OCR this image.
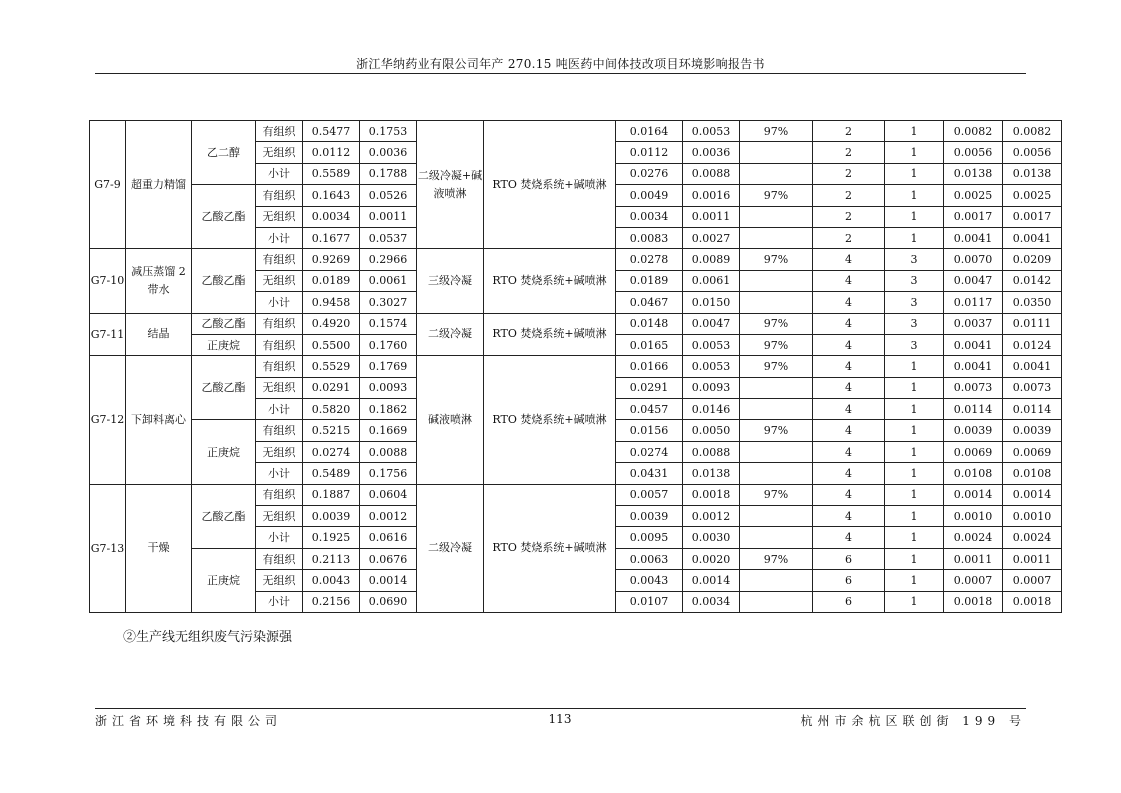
浙江华纳药业有限公司年产 270.15 吨医药中间体技改项目环境影响报告书
G7-9	超重力精馏	乙二醇	有组织	0.5477	0.1753	二级冷凝+碱液喷淋	RTO 焚烧系统+碱喷淋	0.0164	0.0053	97%	2	1	0.0082	0.0082
			无组织	0.0112	0.0036			0.0112	0.0036		2	1	0.0056	0.0056
			小计	0.5589	0.1788			0.0276	0.0088		2	1	0.0138	0.0138
		乙酸乙酯	有组织	0.1643	0.0526			0.0049	0.0016	97%	2	1	0.0025	0.0025
			无组织	0.0034	0.0011			0.0034	0.0011		2	1	0.0017	0.0017
			小计	0.1677	0.0537			0.0083	0.0027		2	1	0.0041	0.0041
G7-10	减压蒸馏 2 带水	乙酸乙酯	有组织	0.9269	0.2966	三级冷凝	RTO 焚烧系统+碱喷淋	0.0278	0.0089	97%	4	3	0.0070	0.0209
			无组织	0.0189	0.0061			0.0189	0.0061		4	3	0.0047	0.0142
			小计	0.9458	0.3027			0.0467	0.0150		4	3	0.0117	0.0350
G7-11	结晶	乙酸乙酯	有组织	0.4920	0.1574	二级冷凝	RTO 焚烧系统+碱喷淋	0.0148	0.0047	97%	4	3	0.0037	0.0111
		正庚烷	有组织	0.5500	0.1760			0.0165	0.0053	97%	4	3	0.0041	0.0124
G7-12	下卸料离心	乙酸乙酯	有组织	0.5529	0.1769	碱液喷淋	RTO 焚烧系统+碱喷淋	0.0166	0.0053	97%	4	1	0.0041	0.0041
			无组织	0.0291	0.0093			0.0291	0.0093		4	1	0.0073	0.0073
			小计	0.5820	0.1862			0.0457	0.0146		4	1	0.0114	0.0114
		正庚烷	有组织	0.5215	0.1669			0.0156	0.0050	97%	4	1	0.0039	0.0039
			无组织	0.0274	0.0088			0.0274	0.0088		4	1	0.0069	0.0069
			小计	0.5489	0.1756			0.0431	0.0138		4	1	0.0108	0.0108
G7-13	干燥	乙酸乙酯	有组织	0.1887	0.0604	二级冷凝	RTO 焚烧系统+碱喷淋	0.0057	0.0018	97%	4	1	0.0014	0.0014
			无组织	0.0039	0.0012			0.0039	0.0012		4	1	0.0010	0.0010
			小计	0.1925	0.0616			0.0095	0.0030		4	1	0.0024	0.0024
		正庚烷	有组织	0.2113	0.0676			0.0063	0.0020	97%	6	1	0.0011	0.0011
			无组织	0.0043	0.0014			0.0043	0.0014		6	1	0.0007	0.0007
			小计	0.2156	0.0690			0.0107	0.0034		6	1	0.0018	0.0018
②生产线无组织废气污染源强
浙江省环境科技有限公司	113	杭州市余杭区联创街 199 号
